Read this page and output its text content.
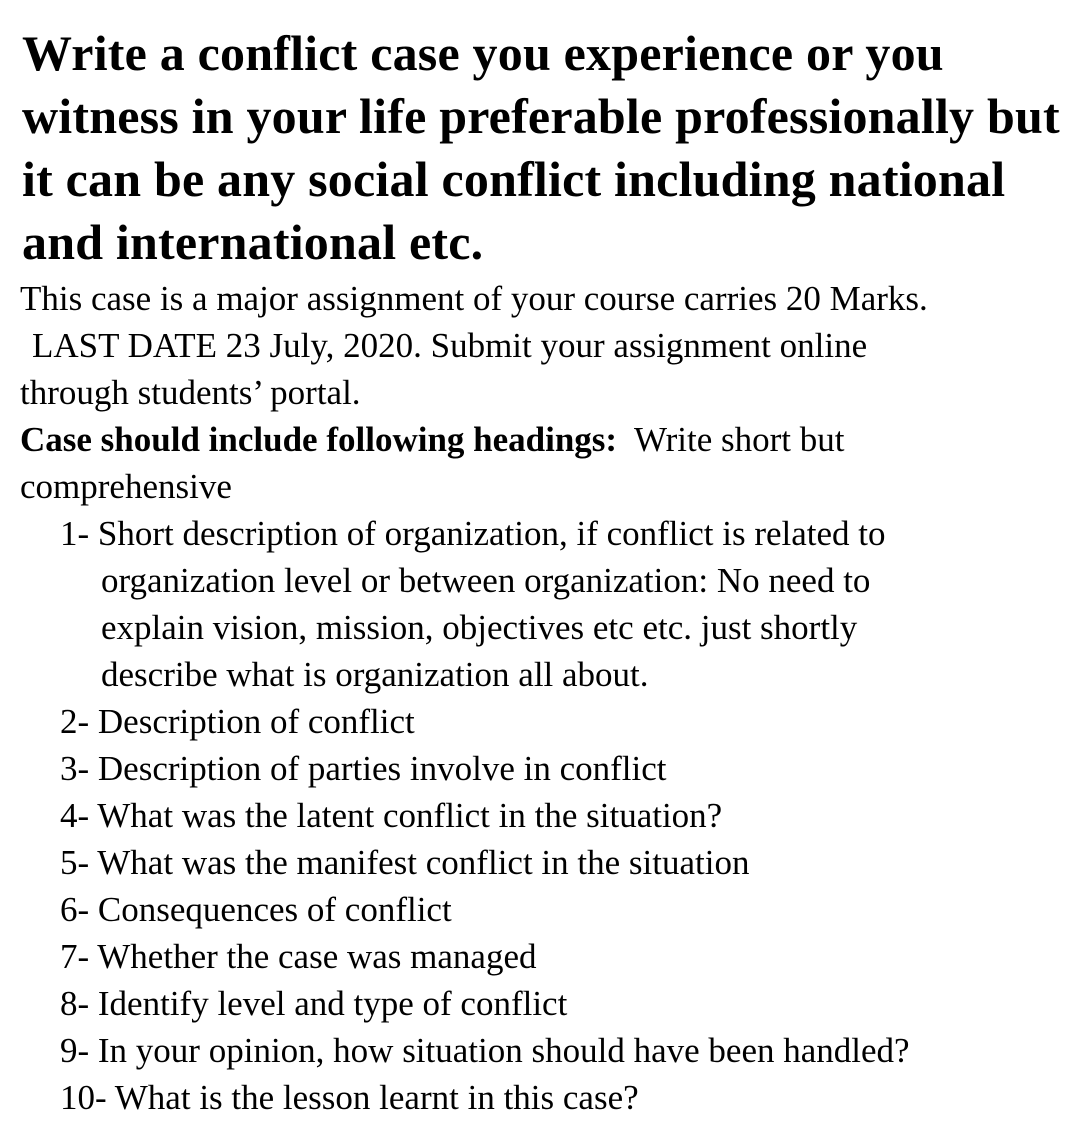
Write a conflict case you experience or you witness in your life preferable professionally but it can be any social conflict including national and international etc.

This case is a major assignment of your course carries 20 Marks.
LAST DATE 23 July, 2020. Submit your assignment online
through students’ portal.
Case should include following headings:  Write short but
comprehensive

1- Short description of organization, if conflict is related to
organization level or between organization: No need to
explain vision, mission, objectives etc etc. just shortly
describe what is organization all about.
2- Description of conflict
3- Description of parties involve in conflict
4- What was the latent conflict in the situation?
5- What was the manifest conflict in the situation
6- Consequences of conflict
7- Whether the case was managed
8- Identify level and type of conflict
9- In your opinion, how situation should have been handled?
10- What is the lesson learnt in this case?
